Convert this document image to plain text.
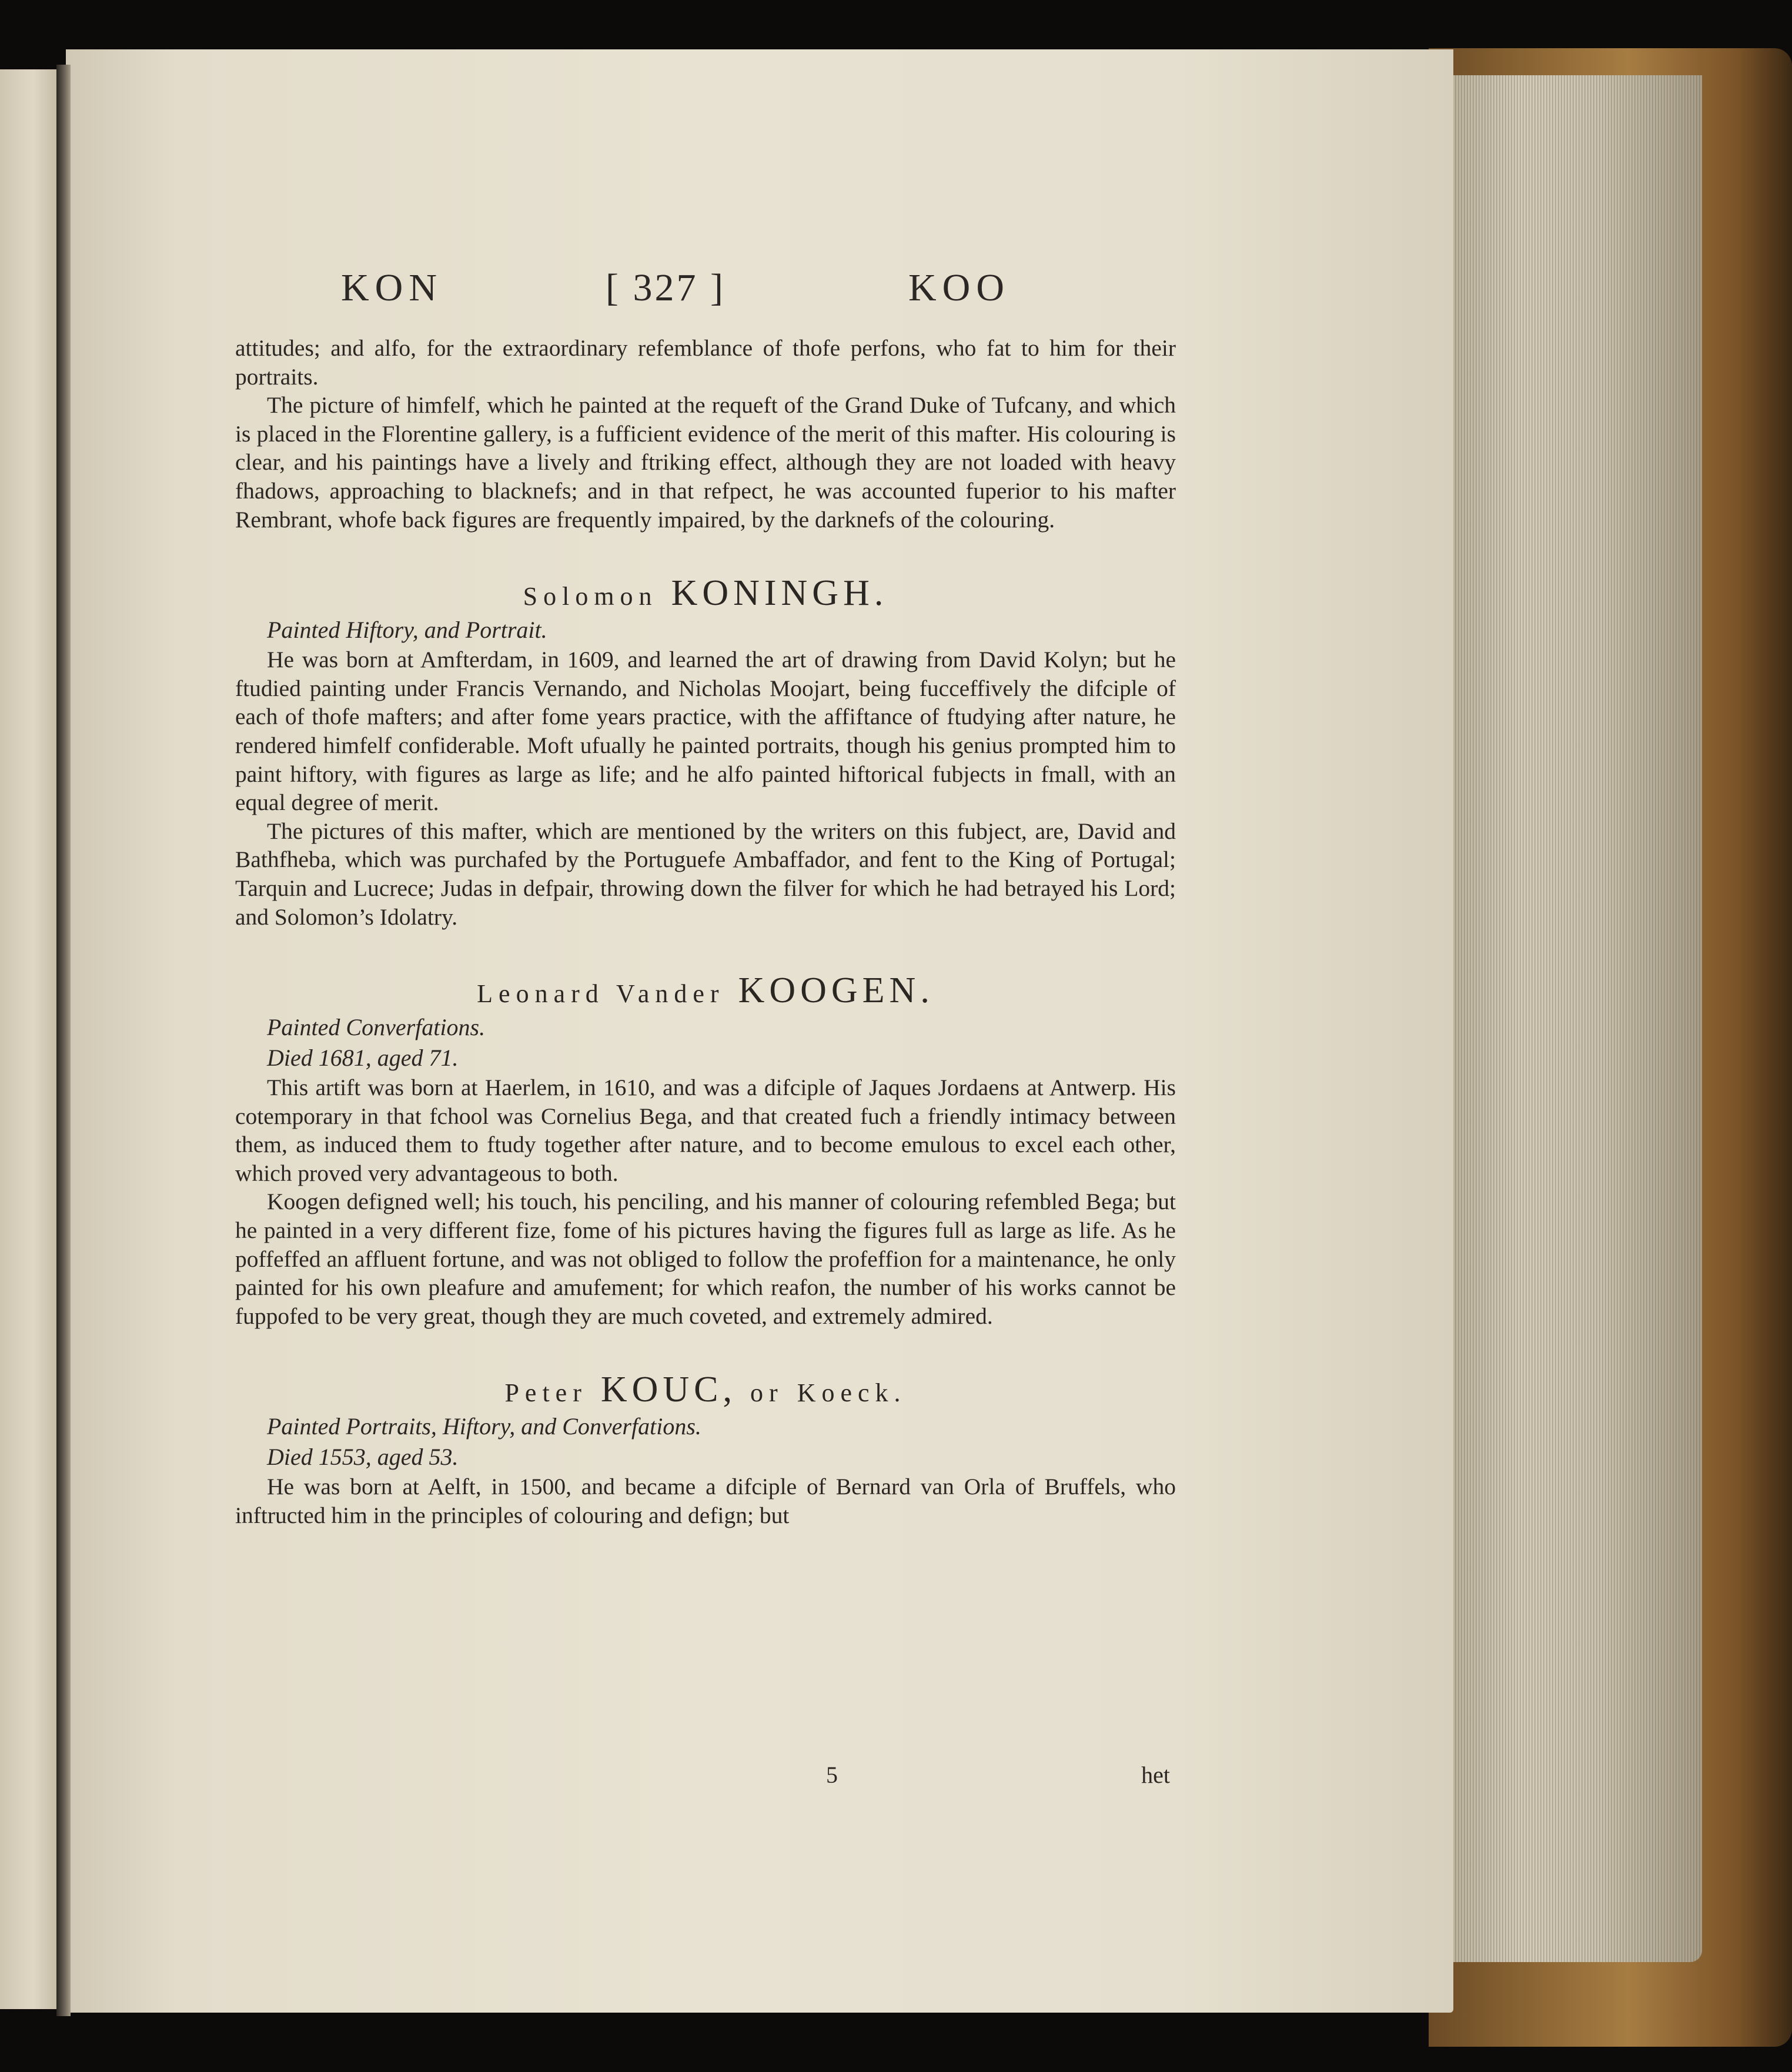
KON	[ 327 ]	KOO

attitudes; and alfo, for the extraordinary refemblance of thofe perfons, who fat to him for their portraits.

The picture of himfelf, which he painted at the requeft of the Grand Duke of Tufcany, and which is placed in the Florentine gallery, is a fufficient evidence of the merit of this mafter. His colouring is clear, and his paintings have a lively and ftriking effect, although they are not loaded with heavy fhadows, approaching to blacknefs; and in that refpect, he was accounted fuperior to his mafter Rembrant, whofe back figures are frequently impaired, by the darknefs of the colouring.

Solomon KONINGH.

Painted Hiftory, and Portrait.

He was born at Amfterdam, in 1609, and learned the art of drawing from David Kolyn; but he ftudied painting under Francis Vernando, and Nicholas Moojart, being fucceffively the difciple of each of thofe mafters; and after fome years practice, with the affiftance of ftudying after nature, he rendered himfelf confiderable. Moft ufually he painted portraits, though his genius prompted him to paint hiftory, with figures as large as life; and he alfo painted hiftorical fubjects in fmall, with an equal degree of merit.

The pictures of this mafter, which are mentioned by the writers on this fubject, are, David and Bathfheba, which was purchafed by the Portuguefe Ambaffador, and fent to the King of Portugal; Tarquin and Lucrece; Judas in defpair, throwing down the filver for which he had betrayed his Lord; and Solomon’s Idolatry.

Leonard Vander KOOGEN.

Painted Converfations.

Died 1681, aged 71.

This artift was born at Haerlem, in 1610, and was a difciple of Jaques Jordaens at Antwerp. His cotemporary in that fchool was Cornelius Bega, and that created fuch a friendly intimacy between them, as induced them to ftudy together after nature, and to become emulous to excel each other, which proved very advantageous to both.

Koogen defigned well; his touch, his penciling, and his manner of colouring refembled Bega; but he painted in a very different fize, fome of his pictures having the figures full as large as life. As he poffeffed an affluent fortune, and was not obliged to follow the profeffion for a maintenance, he only painted for his own pleafure and amufement; for which reafon, the number of his works cannot be fuppofed to be very great, though they are much coveted, and extremely admired.

Peter KOUC, or Koeck.

Painted Portraits, Hiftory, and Converfations.

Died 1553, aged 53.

He was born at Aelft, in 1500, and became a difciple of Bernard van Orla of Bruffels, who inftructed him in the principles of colouring and defign; but

5	het
